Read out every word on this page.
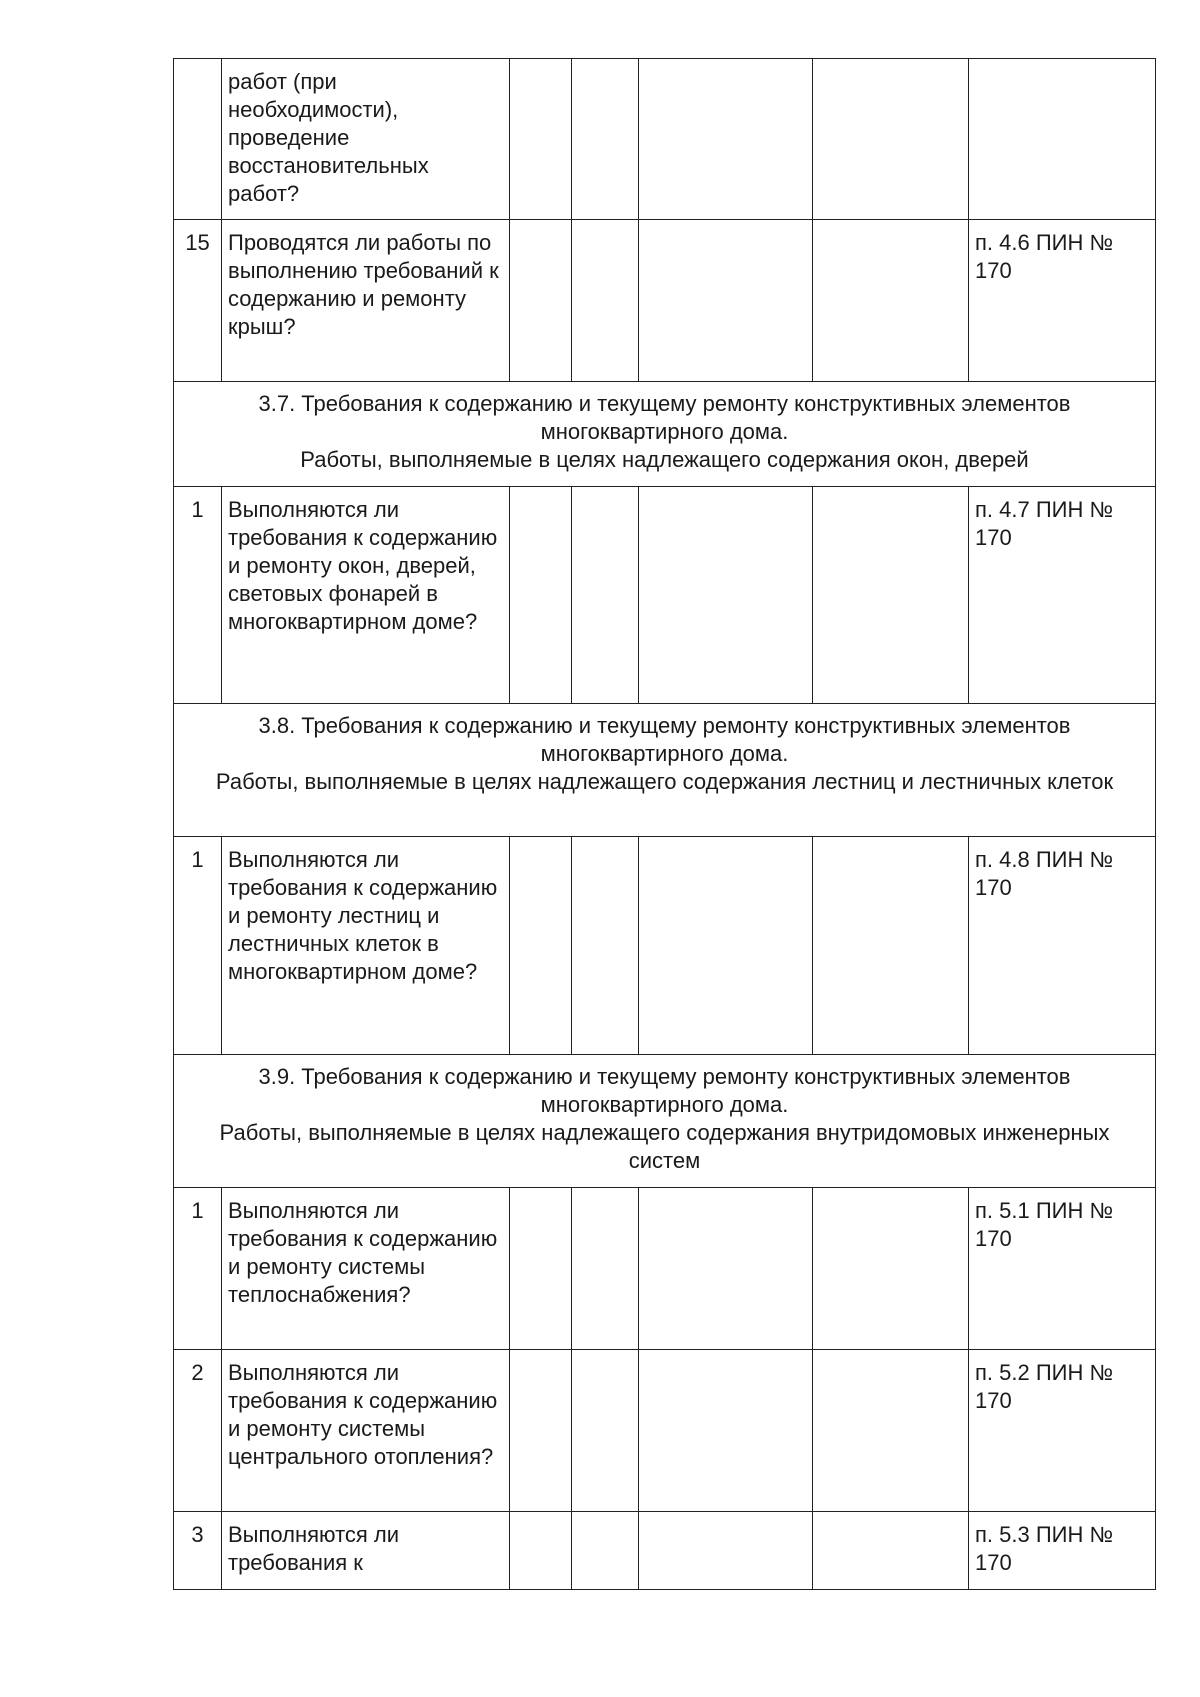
	работ (при необходимости), проведение восстановительных работ?					
15	Проводятся ли работы по выполнению требований к содержанию и ремонту крыш?					п. 4.6 ПИН № 170

3.7. Требования к содержанию и текущему ремонту конструктивных элементов многоквартирного дома.
Работы, выполняемые в целях надлежащего содержания окон, дверей						

1	Выполняются ли требования к содержанию и ремонту окон, дверей, световых фонарей в многоквартирном доме?					п. 4.7 ПИН № 170

3.8. Требования к содержанию и текущему ремонту конструктивных элементов многоквартирного дома.
Работы, выполняемые в целях надлежащего содержания лестниц и лестничных клеток						

1	Выполняются ли требования к содержанию и ремонту лестниц и лестничных клеток в многоквартирном доме?					п. 4.8 ПИН № 170

3.9. Требования к содержанию и текущему ремонту конструктивных элементов многоквартирного дома.
Работы, выполняемые в целях надлежащего содержания внутридомовых инженерных систем						

1	Выполняются ли требования к содержанию и ремонту системы теплоснабжения?					п. 5.1 ПИН № 170
2	Выполняются ли требования к содержанию и ремонту системы центрального отопления?					п. 5.2 ПИН № 170
3	Выполняются ли требования к					п. 5.3 ПИН № 170
